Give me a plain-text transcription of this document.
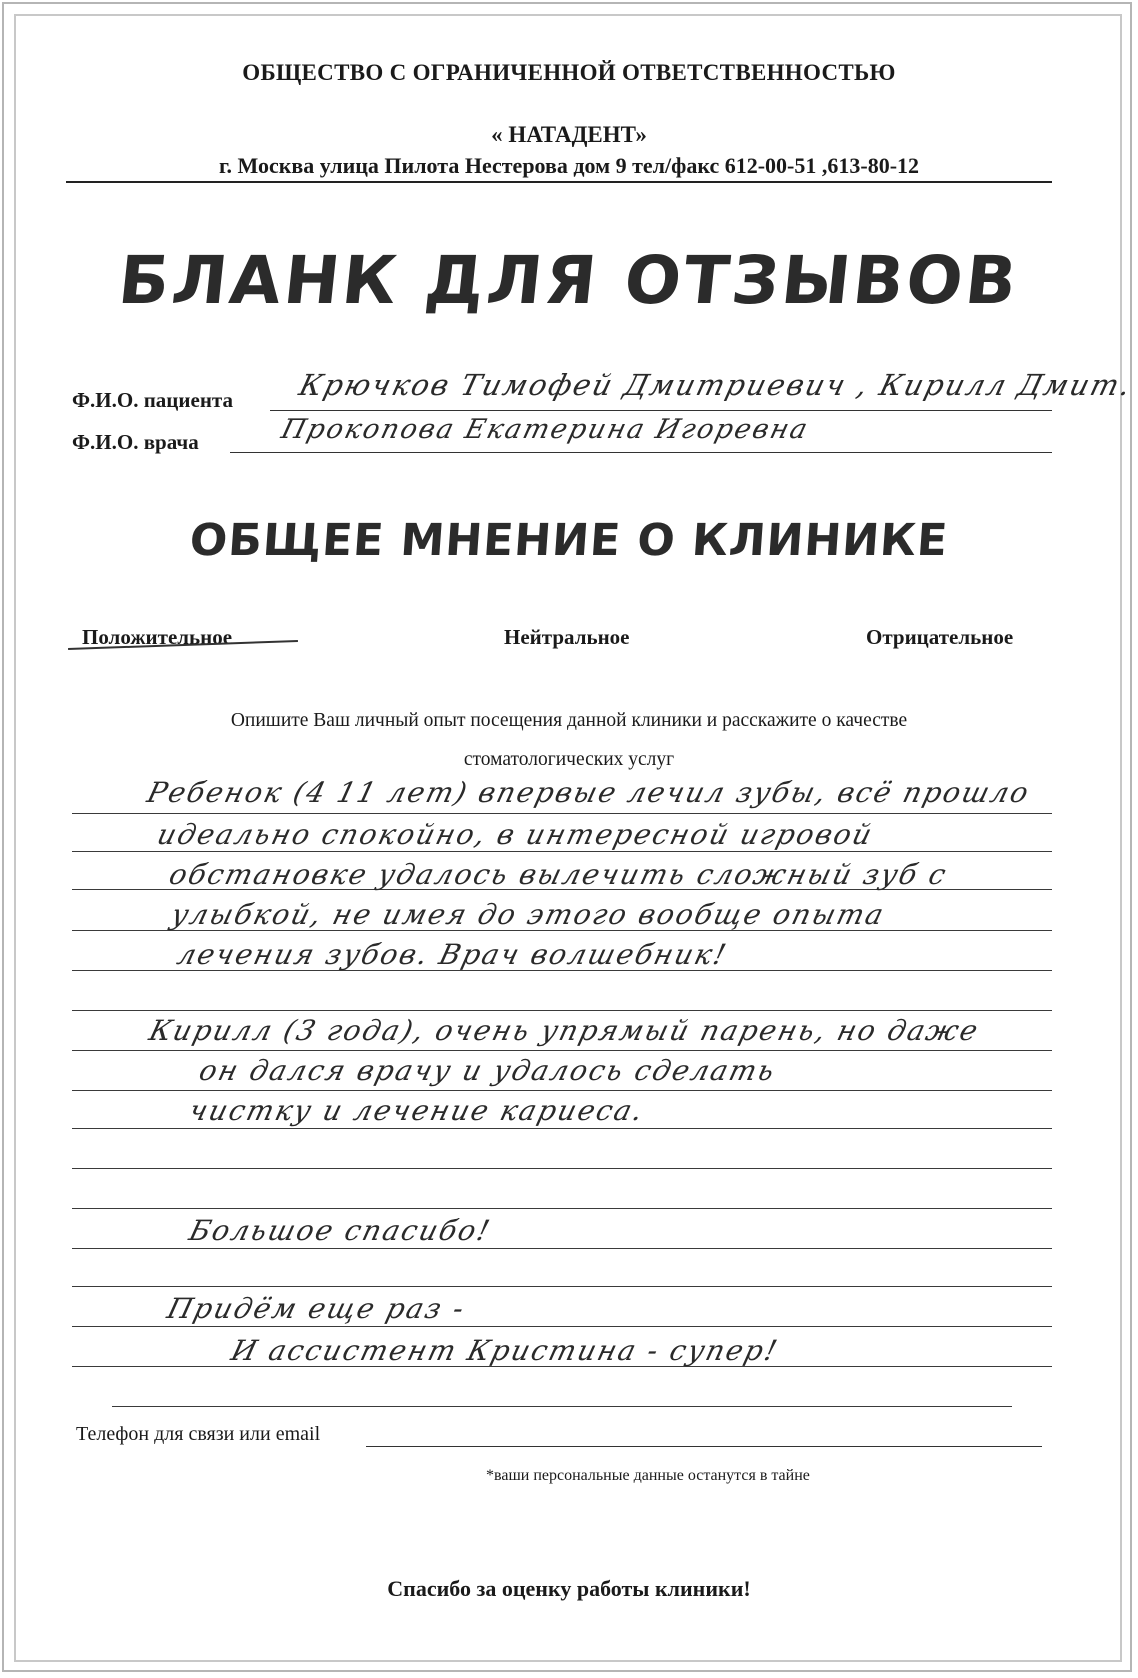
ОБЩЕСТВО С ОГРАНИЧЕННОЙ ОТВЕТСТВЕННОСТЬЮ
« НАТАДЕНТ»
г. Москва улица Пилота Нестерова дом 9 тел/факс 612-00-51 ,613-80-12
БЛАНК ДЛЯ ОТЗЫВОВ
Ф.И.О. пациента Крючков Тимофей Дмитриевич , Кирилл Дмит.
Ф.И.О. врача	Прокопова Екатерина Игоревна
ОБЩЕЕ МНЕНИЕ О КЛИНИКЕ
Положительное	Нейтральное	Отрицательное
Опишите Ваш личный опыт посещения данной клиники и расскажите о качестве
стоматологических услуг
Ребенок (4 11 лет) впервые лечил зубы, всё прошло
идеально спокойно, в интересной игровой
обстановке удалось вылечить сложный зуб с
улыбкой, не имея до этого вообще опыта
лечения зубов. Врач волшебник!
Кирилл (3 года), очень упрямый парень, но даже
он дался врачу и удалось сделать
чистку и лечение кариеса.
Большое спасибо!
Придём еще раз -
И ассистент Кристина - супер!
Телефон для связи или email
*ваши персональные данные останутся в тайне
Спасибо за оценку работы клиники!
